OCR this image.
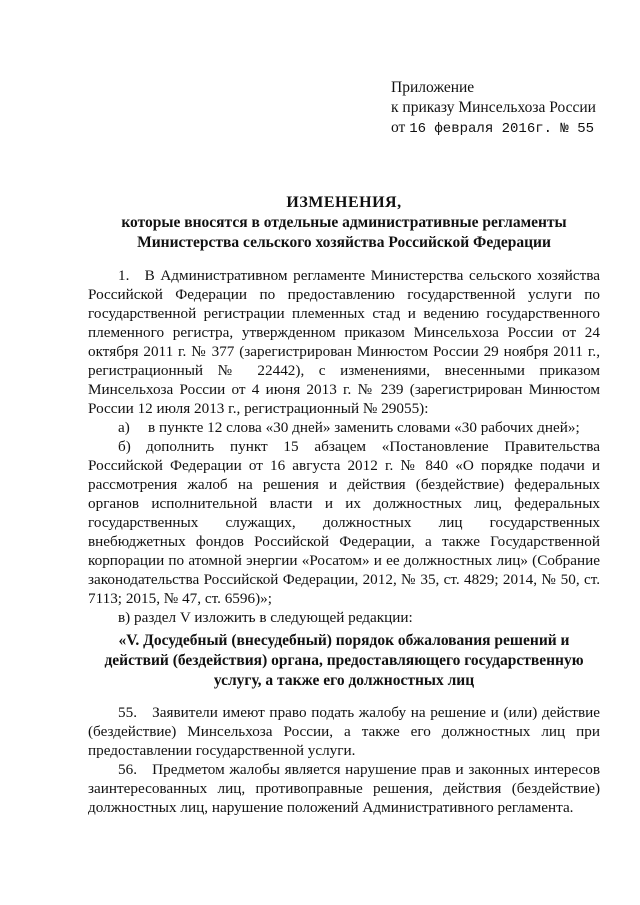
Приложение
к приказу Минсельхоза России
от 16 февраля 2016г. № 55
ИЗМЕНЕНИЯ,
которые вносятся в отдельные административные регламенты
Министерства сельского хозяйства Российской Федерации

1. В Административном регламенте Министерства сельского хозяйства Российской Федерации по предоставлению государственной услуги по государственной регистрации племенных стад и ведению государственного племенного регистра, утвержденном приказом Минсельхоза России от 24 октября 2011 г. № 377 (зарегистрирован Минюстом России 29 ноября 2011 г., регистрационный № 22442), с изменениями, внесенными приказом Минсельхоза России от 4 июня 2013 г. № 239 (зарегистрирован Минюстом России 12 июля 2013 г., регистрационный № 29055):

а) в пункте 12 слова «30 дней» заменить словами «30 рабочих дней»;

б) дополнить пункт 15 абзацем «Постановление Правительства Российской Федерации от 16 августа 2012 г. № 840 «О порядке подачи и рассмотрения жалоб на решения и действия (бездействие) федеральных органов исполнительной власти и их должностных лиц, федеральных государственных служащих, должностных лиц государственных внебюджетных фондов Российской Федерации, а также Государственной корпорации по атомной энергии «Росатом» и ее должностных лиц» (Собрание законодательства Российской Федерации, 2012, № 35, ст. 4829; 2014, № 50, ст. 7113; 2015, № 47, ст. 6596)»;

в) раздел V изложить в следующей редакции:

«V. Досудебный (внесудебный) порядок обжалования решений и действий (бездействия) органа, предоставляющего государственную услугу, а также его должностных лиц

55. Заявители имеют право подать жалобу на решение и (или) действие (бездействие) Минсельхоза России, а также его должностных лиц при предоставлении государственной услуги.

56. Предметом жалобы является нарушение прав и законных интересов заинтересованных лиц, противоправные решения, действия (бездействие) должностных лиц, нарушение положений Административного регламента.
